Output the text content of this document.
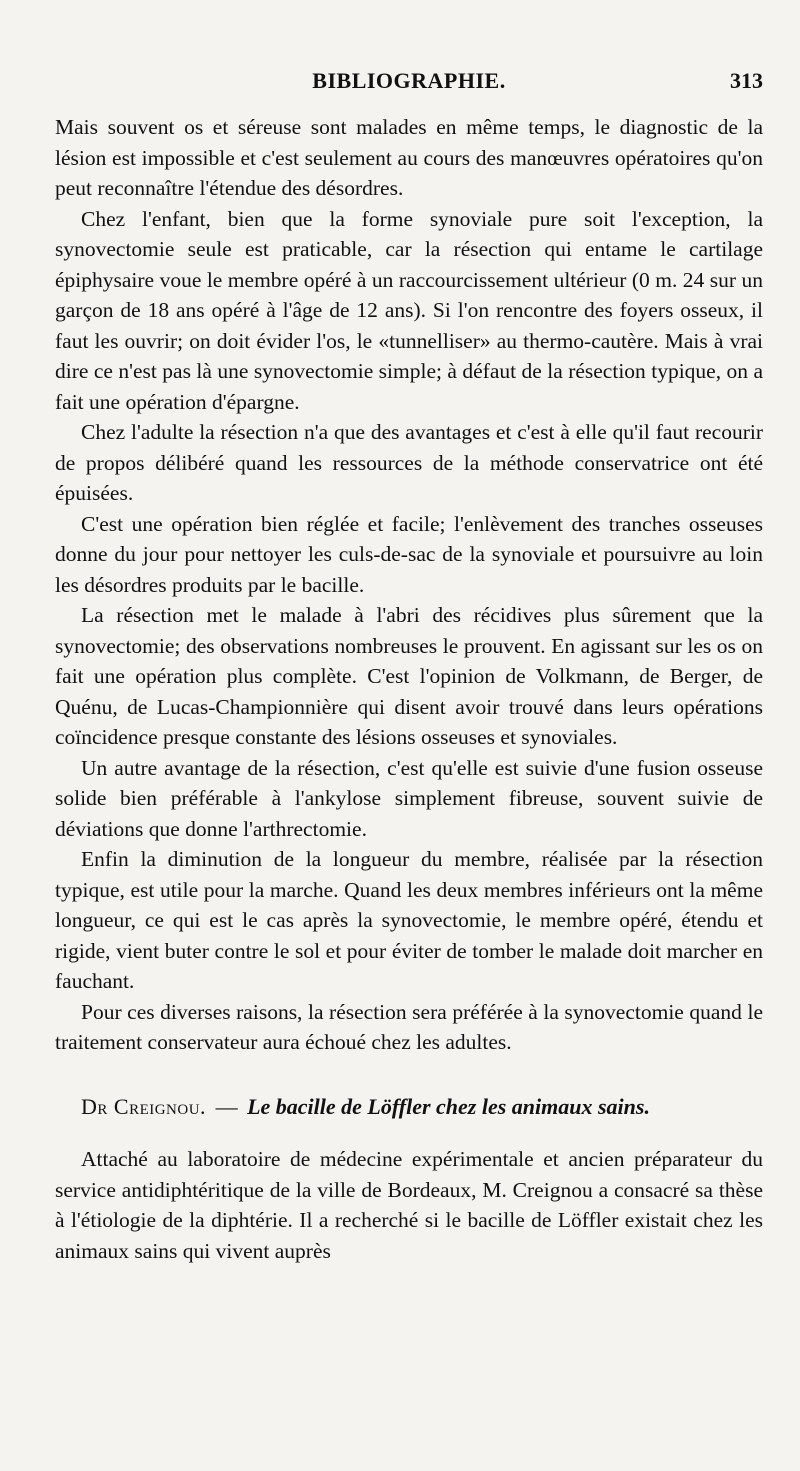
BIBLIOGRAPHIE.	313

Mais souvent os et séreuse sont malades en même temps, le diagnostic de la lésion est impossible et c'est seulement au cours des manœuvres opératoires qu'on peut reconnaître l'étendue des désordres.

Chez l'enfant, bien que la forme synoviale pure soit l'exception, la synovectomie seule est praticable, car la résection qui entame le cartilage épiphysaire voue le membre opéré à un raccourcissement ultérieur (0 m. 24 sur un garçon de 18 ans opéré à l'âge de 12 ans). Si l'on rencontre des foyers osseux, il faut les ouvrir; on doit évider l'os, le «tunnelliser» au thermo-cautère. Mais à vrai dire ce n'est pas là une synovectomie simple; à défaut de la résection typique, on a fait une opération d'épargne.

Chez l'adulte la résection n'a que des avantages et c'est à elle qu'il faut recourir de propos délibéré quand les ressources de la méthode conservatrice ont été épuisées.

C'est une opération bien réglée et facile; l'enlèvement des tranches osseuses donne du jour pour nettoyer les culs-de-sac de la synoviale et poursuivre au loin les désordres produits par le bacille.

La résection met le malade à l'abri des récidives plus sûrement que la synovectomie; des observations nombreuses le prouvent. En agissant sur les os on fait une opération plus complète. C'est l'opinion de Volkmann, de Berger, de Quénu, de Lucas-Championnière qui disent avoir trouvé dans leurs opérations coïncidence presque constante des lésions osseuses et synoviales.

Un autre avantage de la résection, c'est qu'elle est suivie d'une fusion osseuse solide bien préférable à l'ankylose simplement fibreuse, souvent suivie de déviations que donne l'arthrectomie.

Enfin la diminution de la longueur du membre, réalisée par la résection typique, est utile pour la marche. Quand les deux membres inférieurs ont la même longueur, ce qui est le cas après la synovectomie, le membre opéré, étendu et rigide, vient buter contre le sol et pour éviter de tomber le malade doit marcher en fauchant.

Pour ces diverses raisons, la résection sera préférée à la synovectomie quand le traitement conservateur aura échoué chez les adultes.

Dr Creignou. — Le bacille de Löffler chez les animaux sains.

Attaché au laboratoire de médecine expérimentale et ancien préparateur du service antidiphtéritique de la ville de Bordeaux, M. Creignou a consacré sa thèse à l'étiologie de la diphtérie. Il a recherché si le bacille de Löffler existait chez les animaux sains qui vivent auprès
